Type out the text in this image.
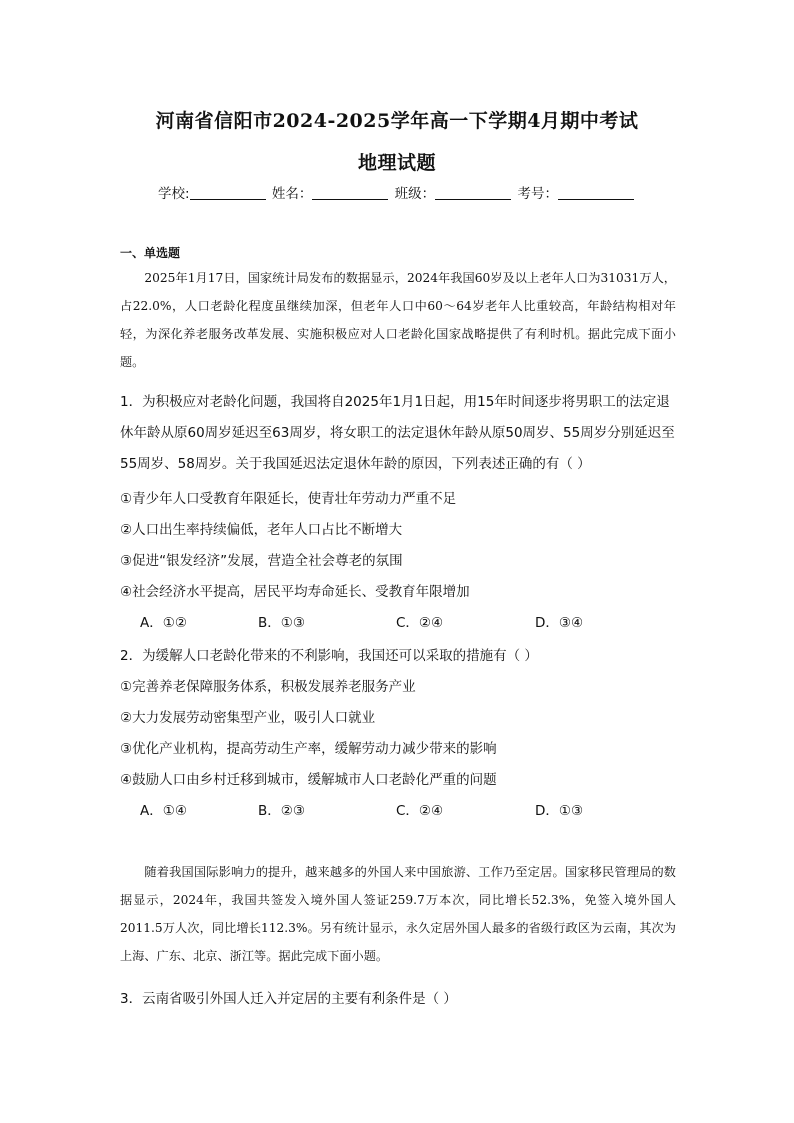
河南省信阳市2024-2025学年高一下学期4月期中考试
地理试题
学校:	姓名：	班级：	考号：
一、单选题

2025年1月17日，国家统计局发布的数据显示，2024年我国60岁及以上老年人口为31031万人，占22.0%，人口老龄化程度虽继续加深，但老年人口中60～64岁老年人比重较高，年龄结构相对年轻，为深化养老服务改革发展、实施积极应对人口老龄化国家战略提供了有利时机。据此完成下面小题。

1．为积极应对老龄化问题，我国将自2025年1月1日起，用15年时间逐步将男职工的法定退休年龄从原60周岁延迟至63周岁，将女职工的法定退休年龄从原50周岁、55周岁分别延迟至55周岁、58周岁。关于我国延迟法定退休年龄的原因，下列表述正确的有（ ）

①青少年人口受教育年限延长，使青壮年劳动力严重不足
②人口出生率持续偏低，老年人口占比不断增大
③促进“银发经济”发展，营造全社会尊老的氛围
④社会经济水平提高，居民平均寿命延长、受教育年限增加
A．①②	B．①③	C．②④	D．③④
2．为缓解人口老龄化带来的不利影响，我国还可以采取的措施有（ ）
①完善养老保障服务体系，积极发展养老服务产业
②大力发展劳动密集型产业，吸引人口就业
③优化产业机构，提高劳动生产率，缓解劳动力减少带来的影响
④鼓励人口由乡村迁移到城市，缓解城市人口老龄化严重的问题
A．①④	B．②③	C．②④	D．①③

随着我国国际影响力的提升，越来越多的外国人来中国旅游、工作乃至定居。国家移民管理局的数据显示，2024年，我国共签发入境外国人签证259.7万本次，同比增长52.3%，免签入境外国人2011.5万人次，同比增长112.3%。另有统计显示，永久定居外国人最多的省级行政区为云南，其次为上海、广东、北京、浙江等。据此完成下面小题。

3．云南省吸引外国人迁入并定居的主要有利条件是（ ）
